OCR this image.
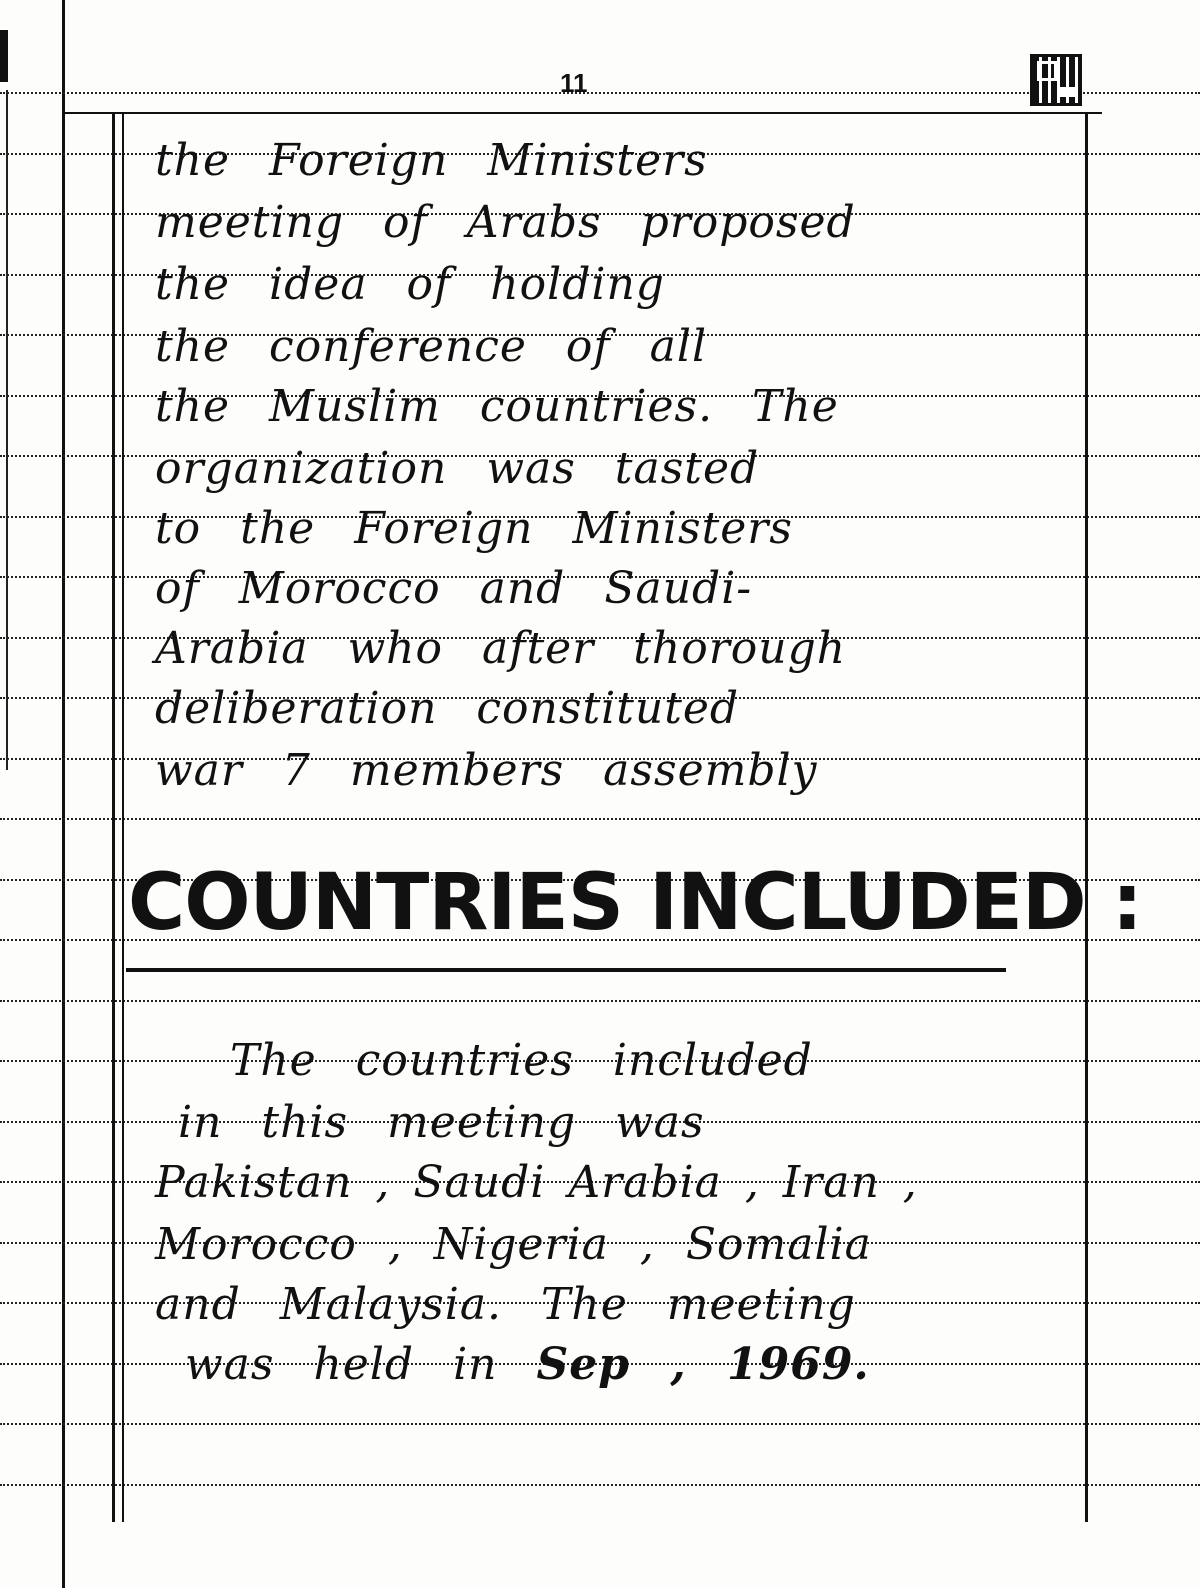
11
the Foreign Ministers
meeting of Arabs proposed
the idea of holding
the conference of all
the Muslim countries. The
organization was tasted
to the Foreign Ministers
of Morocco and Saudi-
Arabia who after thorough
deliberation constituted
war 7 members assembly
COUNTRIES INCLUDED :
The countries included
in this meeting was
Pakistan , Saudi Arabia , Iran ,
Morocco , Nigeria , Somalia
and Malaysia. The meeting
was held in Sep , 1969.
